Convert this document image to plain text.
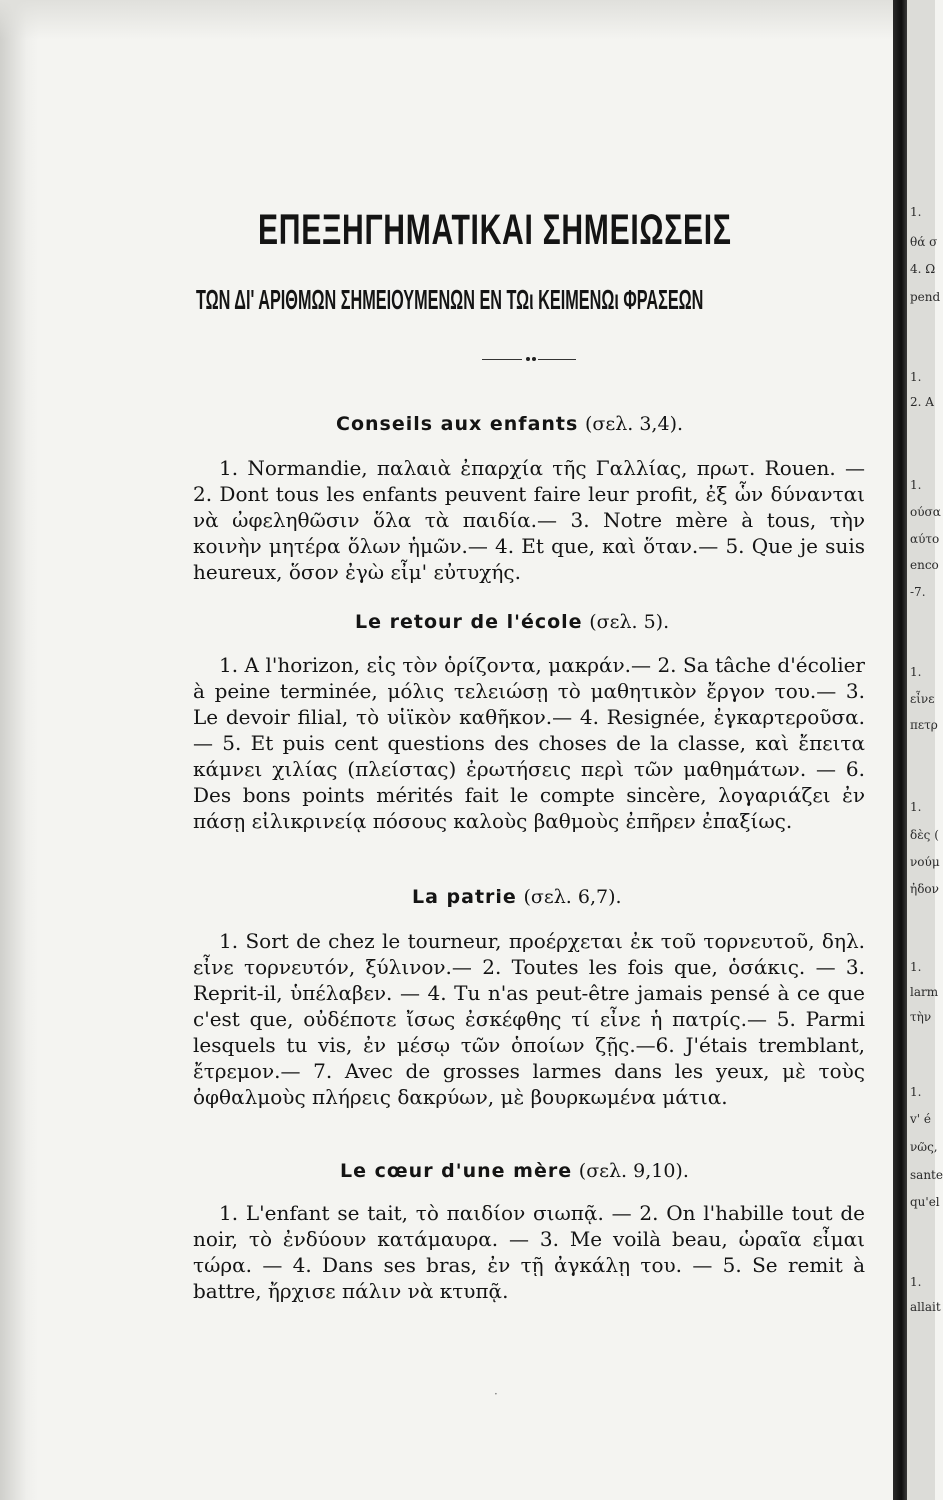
ΕΠΕΞΗΓΗΜΑΤΙΚΑΙ ΣΗΜΕΙΩΣΕΙΣ
ΤΩΝ ΔΙ' ΑΡΙΘΜΩΝ ΣΗΜΕΙΟΥΜΕΝΩΝ ΕΝ ΤΩι ΚΕΙΜΕΝΩι ΦΡΑΣΕΩΝ
Conseils aux enfants (σελ. 3,4).

1. Normandie, παλαιὰ ἐπαρχία τῆς Γαλλίας, πρωτ. Rouen. — 2. Dont tous les enfants peuvent faire leur profit, ἐξ ὧν δύνανται νὰ ὠφεληθῶσιν ὅλα τὰ παιδία.— 3. Notre mère à tous, τὴν κοινὴν μητέρα ὅλων ἡμῶν.— 4. Et que, καὶ ὅταν.— 5. Que je suis heureux, ὅσον ἐγὼ εἶμ' εὐτυχής.

Le retour de l'école (σελ. 5).

1. A l'horizon, εἰς τὸν ὁρίζοντα, μακράν.— 2. Sa tâche d'écolier à peine terminée, μόλις τελειώσῃ τὸ μαθητικὸν ἔργον του.— 3. Le devoir filial, τὸ υἱϊκὸν καθῆκον.— 4. Resignée, ἐγκαρτεροῦσα. — 5. Et puis cent questions des choses de la classe, καὶ ἔπειτα κάμνει χιλίας (πλείστας) ἐρωτήσεις περὶ τῶν μαθημάτων. — 6. Des bons points mérités fait le compte sincère, λογαριάζει ἐν πάσῃ εἰλικρινείᾳ πόσους καλοὺς βαθμοὺς ἐπῆρεν ἐπαξίως.

La patrie (σελ. 6,7).

1. Sort de chez le tourneur, προέρχεται ἐκ τοῦ τορνευτοῦ, δηλ. εἶνε τορνευτόν, ξύλινον.— 2. Toutes les fois que, ὁσάκις. — 3. Reprit-il, ὑπέλαβεν. — 4. Tu n'as peut-être jamais pensé à ce que c'est que, οὐδέποτε ἴσως ἐσκέφθης τί εἶνε ἡ πατρίς.— 5. Parmi lesquels tu vis, ἐν μέσῳ τῶν ὁποίων ζῇς.—6. J'étais tremblant, ἔτρεμον.— 7. Avec de grosses larmes dans les yeux, μὲ τοὺς ὀφθαλμοὺς πλήρεις δακρύων, μὲ βουρκωμένα μάτια.

Le cœur d'une mère (σελ. 9,10).

1. L'enfant se tait, τὸ παιδίον σιωπᾷ. — 2. On l'habille tout de noir, τὸ ἐνδύουν κατάμαυρα. — 3. Me voilà beau, ὡραῖα εἶμαι τώρα. — 4. Dans ses bras, ἐν τῇ ἀγκάλῃ του. — 5. Se remit à battre, ἤρχισε πάλιν νὰ κτυπᾷ.

·
1.
θά σ
4. Ω
pend
1.
2. A
1.
ούσα
αύτο
enco
-7.
1.
εἶνε
πετρ
1.
δὲς (
νούμ
ἠδον
1.
larm
τὴν
1.
v' é
νῶς,
sante
qu'el
1.
allait
